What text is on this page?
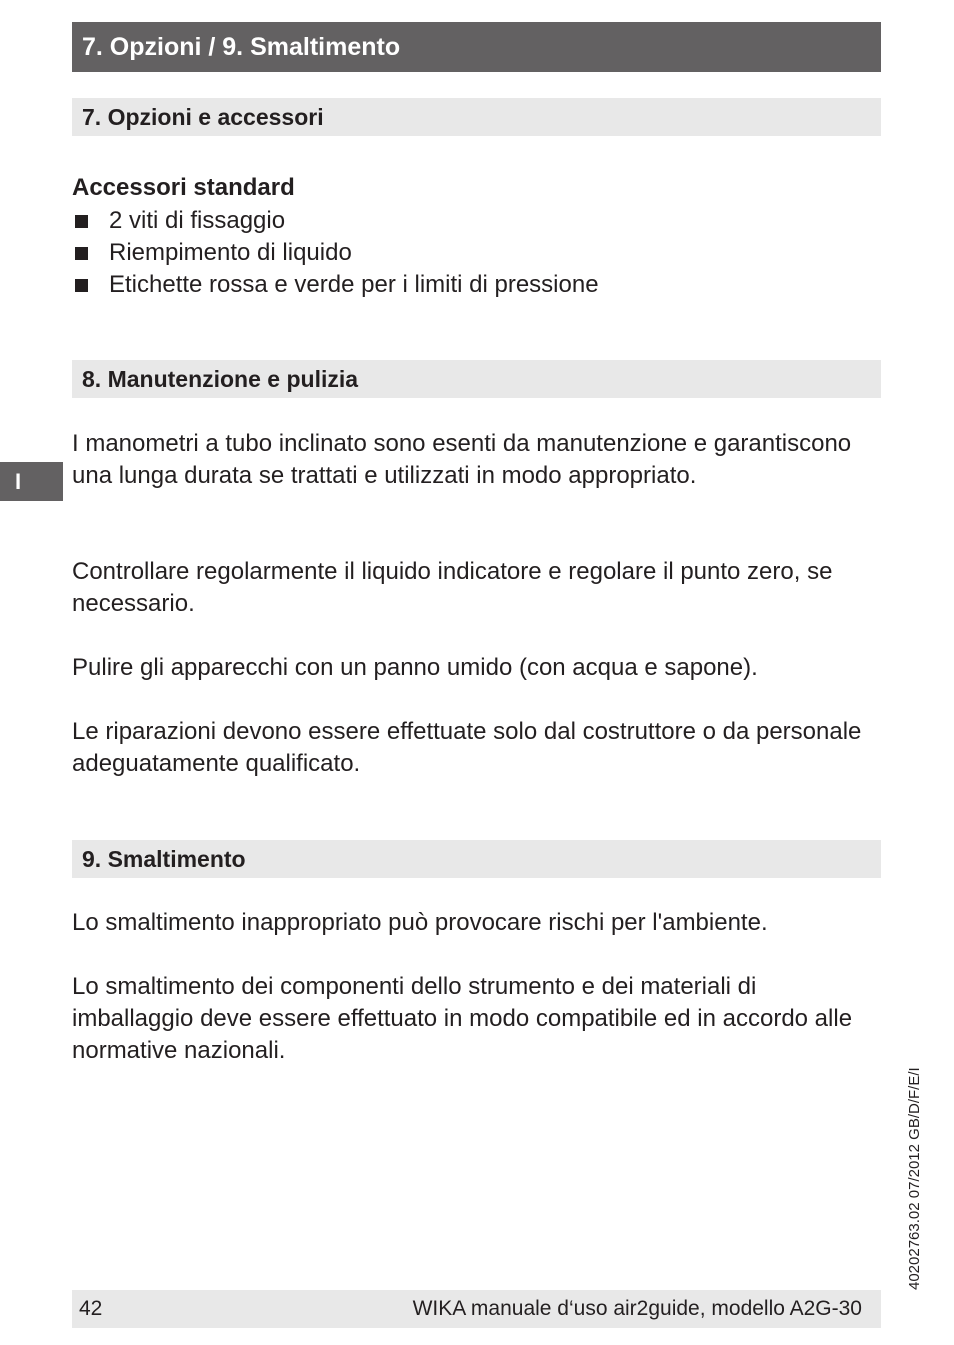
7. Opzioni / 9. Smaltimento
7. Opzioni e accessori

Accessori standard

2 viti di fissaggio
Riempimento di liquido
Etichette rossa e verde per i limiti di pressione
8. Manutenzione e pulizia
I

I manometri a tubo inclinato sono esenti da manutenzione e garantiscono una lunga durata se trattati e utilizzati in modo appropriato.

Controllare regolarmente il liquido indicatore e regolare il punto zero, se necessario.

Pulire gli apparecchi con un panno umido (con acqua e sapone).

Le riparazioni devono essere effettuate solo dal costruttore o da personale adeguatamente qualificato.

9. Smaltimento

Lo smaltimento inappropriato può provocare rischi per l'ambiente.

Lo smaltimento dei componenti dello strumento e dei materiali di imballaggio deve essere effettuato in modo compatibile ed in accordo alle normative nazionali.

40202763.02 07/2012 GB/D/F/E/I
42	WIKA manuale d‘uso air2guide, modello A2G-30
